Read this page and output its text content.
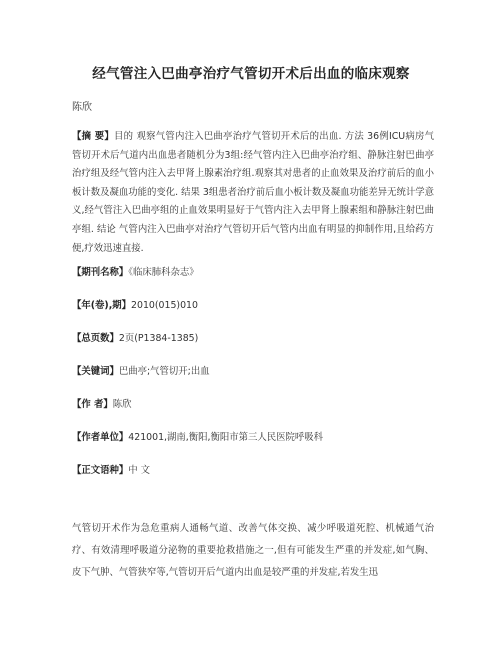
经气管注入巴曲亭治疗气管切开术后出血的临床观察
陈欣
【摘 要】目的 观察气管内注入巴曲亭治疗气管切开术后的出血. 方法 36例ICU病房气管切开术后气道内出血患者随机分为3组:经气管内注入巴曲亭治疗组、静脉注射巴曲亭治疗组及经气管内注入去甲肾上腺素治疗组.观察其对患者的止血效果及治疗前后的血小板计数及凝血功能的变化. 结果 3组患者治疗前后血小板计数及凝血功能差异无统计学意义,经气管注入巴曲亭组的止血效果明显好于气管内注入去甲肾上腺素组和静脉注射巴曲亭组. 结论 气管内注入巴曲亭对治疗气管切开后气管内出血有明显的抑制作用,且给药方便,疗效迅速直接.
【期刊名称】《临床肺科杂志》
【年(卷),期】2010(015)010
【总页数】2页(P1384-1385)
【关键词】巴曲亭;气管切开;出血
【作 者】陈欣
【作者单位】421001,湖南,衡阳,衡阳市第三人民医院呼吸科
【正文语种】中 文
气管切开术作为急危重病人通畅气道、改善气体交换、减少呼吸道死腔、机械通气治疗、有效清理呼吸道分泌物的重要抢救措施之一,但有可能发生严重的并发症,如气胸、皮下气肿、气管狭窄等,气管切开后气道内出血是较严重的并发症,若发生迅
